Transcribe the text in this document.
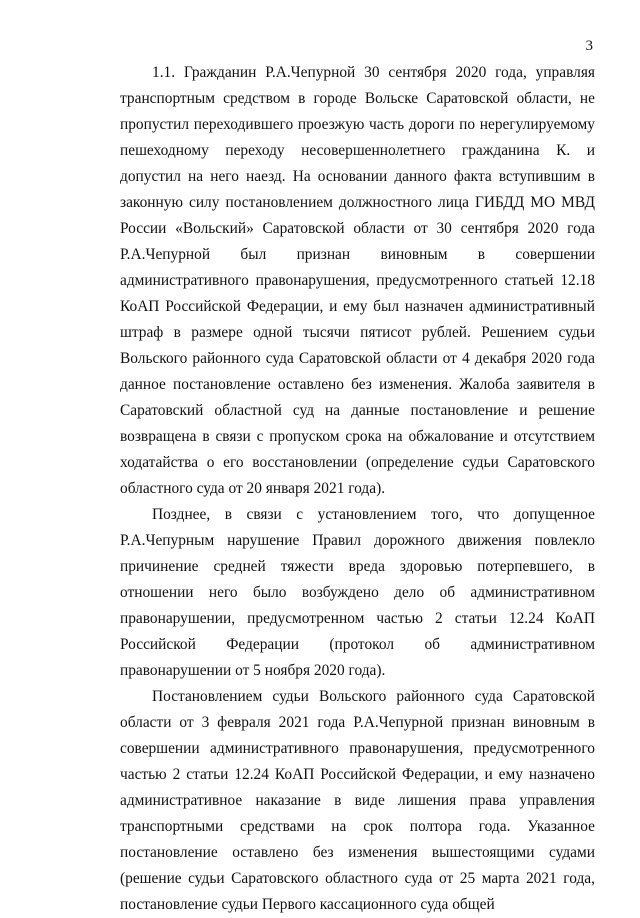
3

1.1. Гражданин Р.А.Чепурной 30 сентября 2020 года, управляя транспортным средством в городе Вольске Саратовской области, не пропустил переходившего проезжую часть дороги по нерегулируемому пешеходному переходу несовершеннолетнего гражданина К. и допустил на него наезд. На основании данного факта вступившим в законную силу постановлением должностного лица ГИБДД МО МВД России «Вольский» Саратовской области от 30 сентября 2020 года Р.А.Чепурной был признан виновным в совершении административного правонарушения, предусмотренного статьей 12.18 КоАП Российской Федерации, и ему был назначен административный штраф в размере одной тысячи пятисот рублей. Решением судьи Вольского районного суда Саратовской области от 4 декабря 2020 года данное постановление оставлено без изменения. Жалоба заявителя в Саратовский областной суд на данные постановление и решение возвращена в связи с пропуском срока на обжалование и отсутствием ходатайства о его восстановлении (определение судьи Саратовского областного суда от 20 января 2021 года).

Позднее, в связи с установлением того, что допущенное Р.А.Чепурным нарушение Правил дорожного движения повлекло причинение средней тяжести вреда здоровью потерпевшего, в отношении него было возбуждено дело об административном правонарушении, предусмотренном частью 2 статьи 12.24 КоАП Российской Федерации (протокол об административном правонарушении от 5 ноября 2020 года).

Постановлением судьи Вольского районного суда Саратовской области от 3 февраля 2021 года Р.А.Чепурной признан виновным в совершении административного правонарушения, предусмотренного частью 2 статьи 12.24 КоАП Российской Федерации, и ему назначено административное наказание в виде лишения права управления транспортными средствами на срок полтора года. Указанное постановление оставлено без изменения вышестоящими судами (решение судьи Саратовского областного суда от 25 марта 2021 года, постановление судьи Первого кассационного суда общей
